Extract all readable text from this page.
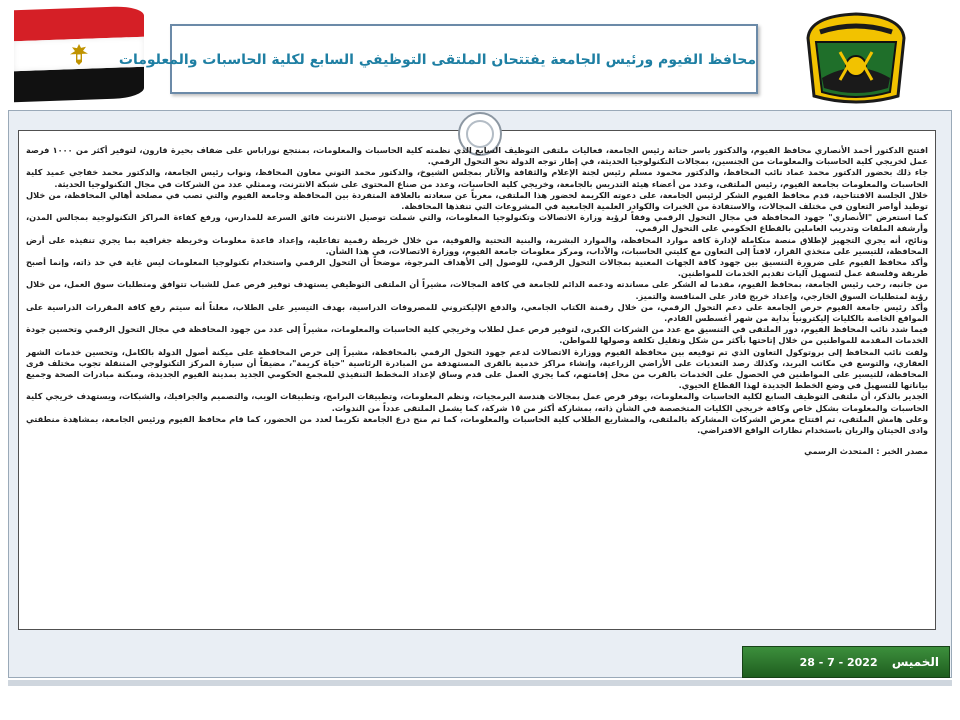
محافظ الفيوم ورئيس الجامعة يفتتحان الملتقى التوظيفي السابع لكلية الحاسبات والمعلومات

افتتح الدكتور أحمد الأنصاري محافظ الفيوم، والدكتور ياسر حتاتة رئيس الجامعة، فعاليات ملتقى التوظيف السابع الذي نظمته كلية الحاسبات والمعلومات، بمنتجع نوراباس على ضفاف بحيرة قارون، لتوفير أكثر من ١٠٠٠ فرصة عمل لخريجي كلية الحاسبات والمعلومات من الجنسين، بمجالات التكنولوجيا الحديثة، في إطار توجه الدولة نحو التحول الرقمي.

جاء ذلك بحضور الدكتور محمد عماد نائب المحافظ، والدكتور محمود مسلم رئيس لجنة الإعلام والثقافة والآثار بمجلس الشيوخ، والدكتور محمد التوني معاون المحافظ، ونواب رئيس الجامعة، والدكتور محمد خفاجي عميد كلية الحاسبات والمعلومات بجامعة الفيوم، رئيس الملتقى، وعدد من أعضاء هيئة التدريس بالجامعة، وخريجي كلية الحاسبات، وعدد من صناع المحتوى على شبكة الانترنت، وممثلي عدد من الشركات في مجال التكنولوجيا الحديثة.

خلال الجلسة الافتتاحية، قدم محافظ الفيوم الشكر لرئيس الجامعة، على دعوته الكريمة لحضور هذا الملتقى، معرباً عن سعادته بالعلاقة المتفردة بين المحافظة وجامعة الفيوم والتي تصب في مصلحة أهالي المحافظة، من خلال توطيد أواصر التعاون في مختلف المجالات، والاستفادة من الخبرات والكوادر العلمية الجامعية في المشروعات التي تنفذها المحافظة.

كما استعرض "الأنصاري" جهود المحافظة في مجال التحول الرقمي وفقاً لرؤية وزارة الاتصالات وتكنولوجيا المعلومات، والتي شملت توصيل الانترنت فائق السرعة للمدارس، ورفع كفاءة المراكز التكنولوجية بمجالس المدن، وأرشفة الملفات وتدريب العاملين بالقطاع الحكومي على التحول الرقمي.

ونائح، أنه يجري التجهيز لإطلاق منصة متكاملة لإدارة كافة موارد المحافظة، والموارد البشرية، والبنية التحتية والفوقية، من خلال خريطة رقمية تفاعلية، وإعداد قاعدة معلومات وخريطة جغرافية بما يجري تنفيذه على أرض المحافظة، للتيسير على متخذي القرار، لافتاً إلى التعاون مع كليتي الحاسبات، والآداب، ومركز معلومات جامعة الفيوم، ووزارة الاتصالات، في هذا الشأن.

وأكد محافظ الفيوم على ضرورة التنسيق بين جهود كافة الجهات المعنية بمجالات التحول الرقمي، للوصول إلى الأهداف المرجوة، موضحاً أن التحول الرقمي واستخدام تكنولوجيا المعلومات ليس غاية في حد ذاته، وإنما أصبح طريقة وفلسفة عمل لتسهيل آليات تقديم الخدمات للمواطنين.

من جانبه، رحب رئيس الجامعة، بمحافظ الفيوم، مقدما له الشكر على مساندته ودعمه الدائم للجامعة في كافة المجالات، مشيراً أن الملتقى التوظيفي يستهدف توفير فرص عمل للشباب تتوافق ومتطلبات سوق العمل، من خلال رؤية لمتطلبات السوق الخارجي، وإعداد خريج قادر على المنافسة والتميز.

وأكد رئيس جامعة الفيوم حرص الجامعة على دعم التحول الرقمي، من خلال رقمنة الكتاب الجامعي، والدفع الإليكتروني للمصروفات الدراسية، بهدف التيسير على الطلاب، معلناً أنه سيتم رفع كافة المقررات الدراسية على المواقع الخاصة بالكليات إليكترونياً بداية من شهر أغسطس القادم.

فيما شدد نائب المحافظ الفيوم، دور الملتقى في التنسيق مع عدد من الشركات الكبرى، لتوفير فرص عمل لطلاب وخريجي كلية الحاسبات والمعلومات، مشيراً إلى عدد من جهود المحافظة في مجال التحول الرقمي وتحسين جودة الخدمات المقدمة للمواطنين من خلال إتاحتها بأكثر من شكل وتقليل تكلفة وصولها للمواطن.

ولفت نائب المحافظ إلى بروتوكول التعاون الذي تم توقيعه بين محافظة الفيوم ووزارة الاتصالات لدعم جهود التحول الرقمي بالمحافظة، مشيراً إلى حرص المحافظة على ميكنة أصول الدولة بالكامل، وتحسين خدمات الشهر العقاري، والتوسع في مكاتب البريد، وكذلك رصد التعديات على الأراضي الزراعية، وإنشاء مراكز خدمية بالقرى المستهدفة من المبادرة الرئاسية "حياة كريمة"، مضيفاً أن سيارة المركز التكنولوجي المتنقلة تجوب مختلف قرى المحافظة، للتيسير على المواطنين في الحصول على الخدمات بالقرب من محل إقامتهم، كما يجري العمل على قدم وساق لإعداد المخطط التنفيذي للمجمع الحكومي الجديد بمدينة الفيوم الجديدة، ومبكنة مبادرات الصحة وجميع بياناتها للتسهيل في وضع الخطط الجديدة لهذا القطاع الحيوي.

الجدير بالذكر، أن ملتقى التوظيف السابع لكلية الحاسبات والمعلومات، يوفر فرص عمل بمجالات هندسة البرمجيات، ونظم المعلومات، وتطبيقات البرامج، وتطبيقات الويب، والتصميم والجرافيك، والشبكات، ويستهدف خريجي كلية الحاسبات والمعلومات بشكل خاص وكافة خريجي الكليات المتخصصة في الشأن ذاته، بمشاركة أكثر من ١٥ شركة، كما يشمل الملتقى عدداً من الندوات.

وعلى هامش الملتقى، تم افتتاح معرض الشركات المشاركة بالملتقى، والمشاريع الطلاب كلية الحاسبات والمعلومات، كما تم منح درع الجامعة تكريما لعدد من الحضور، كما قام محافظ الفيوم ورئيس الجامعة، بمشاهدة منطقتي وادى الحيتان والريان باستخدام نظارات الواقع الافتراضي.

مصدر الخبر : المتحدث الرسمي

الخميس 28 - 7 - 2022
